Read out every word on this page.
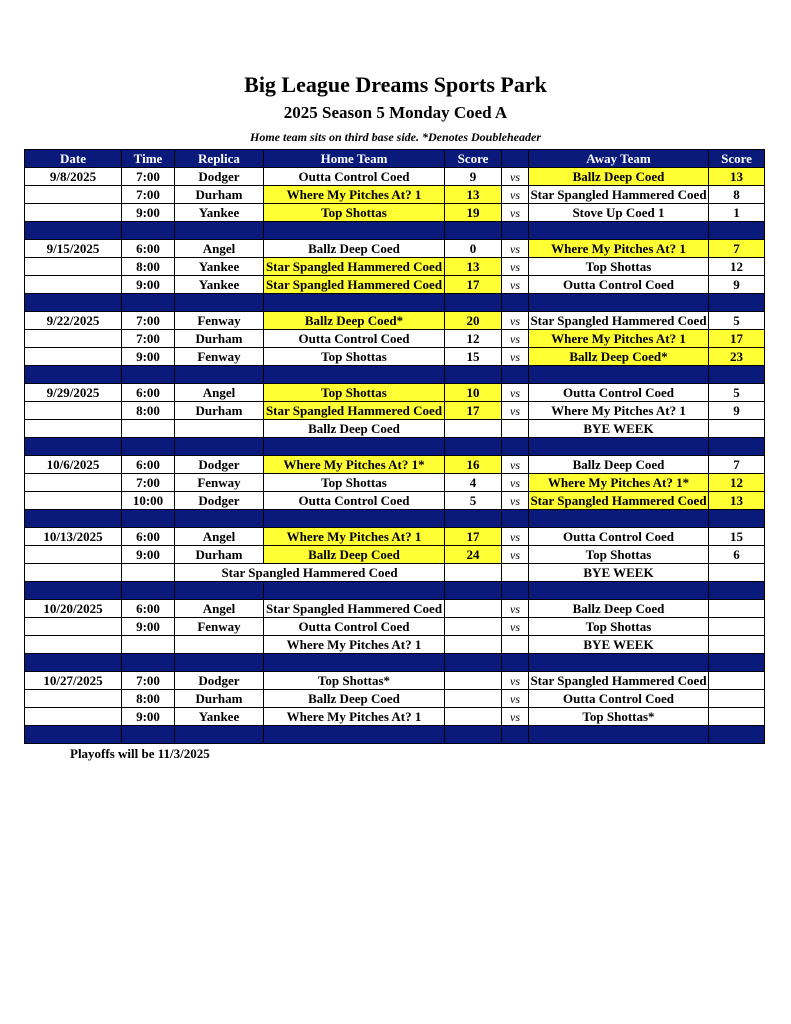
Big League Dreams Sports Park
2025 Season 5 Monday Coed A
Home team sits on third base side. *Denotes Doubleheader
Date	Time	Replica	Home Team	Score		Away Team	Score
9/8/2025	7:00	Dodger	Outta Control Coed	9	vs	Ballz Deep Coed	13
	7:00	Durham	Where My Pitches At? 1	13	vs	Star Spangled Hammered Coed	8
	9:00	Yankee	Top Shottas	19	vs	Stove Up Coed 1	1

9/15/2025	6:00	Angel	Ballz Deep Coed	0	vs	Where My Pitches At? 1	7
	8:00	Yankee	Star Spangled Hammered Coed	13	vs	Top Shottas	12
	9:00	Yankee	Star Spangled Hammered Coed	17	vs	Outta Control Coed	9

9/22/2025	7:00	Fenway	Ballz Deep Coed*	20	vs	Star Spangled Hammered Coed	5
	7:00	Durham	Outta Control Coed	12	vs	Where My Pitches At? 1	17
	9:00	Fenway	Top Shottas	15	vs	Ballz Deep Coed*	23

9/29/2025	6:00	Angel	Top Shottas	10	vs	Outta Control Coed	5
	8:00	Durham	Star Spangled Hammered Coed	17	vs	Where My Pitches At? 1	9
			Ballz Deep Coed			BYE WEEK	

10/6/2025	6:00	Dodger	Where My Pitches At? 1*	16	vs	Ballz Deep Coed	7
	7:00	Fenway	Top Shottas	4	vs	Where My Pitches At? 1*	12
	10:00	Dodger	Outta Control Coed	5	vs	Star Spangled Hammered Coed	13

10/13/2025	6:00	Angel	Where My Pitches At? 1	17	vs	Outta Control Coed	15
	9:00	Durham	Ballz Deep Coed	24	vs	Top Shottas	6
		Star Spangled Hammered Coed				BYE WEEK	

10/20/2025	6:00	Angel	Star Spangled Hammered Coed		vs	Ballz Deep Coed	
	9:00	Fenway	Outta Control Coed		vs	Top Shottas	
			Where My Pitches At? 1			BYE WEEK	

10/27/2025	7:00	Dodger	Top Shottas*		vs	Star Spangled Hammered Coed	
	8:00	Durham	Ballz Deep Coed		vs	Outta Control Coed	
	9:00	Yankee	Where My Pitches At? 1		vs	Top Shottas*	

Playoffs will be 11/3/2025
